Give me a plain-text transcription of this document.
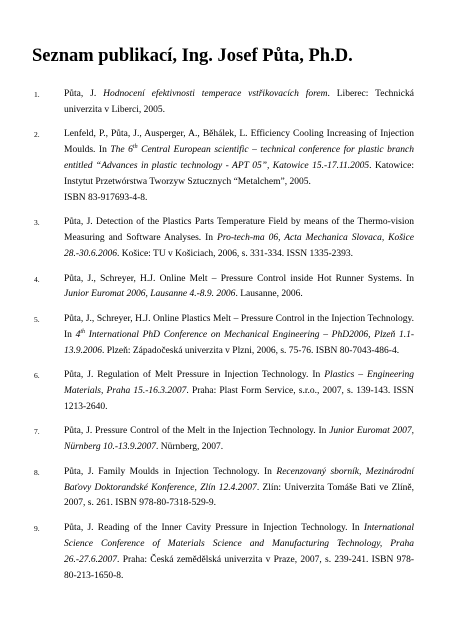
Seznam publikací, Ing. Josef Půta, Ph.D.
1.	Půta, J. Hodnocení efektivnosti temperace vstřikovacích forem. Liberec: Technická univerzita v Liberci, 2005.
2.	Lenfeld, P., Půta, J., Ausperger, A., Běhálek, L. Efficiency Cooling Increasing of Injection Moulds. In The 6th Central European scientific – technical conference for plastic branch entitled “Advances in plastic technology - APT 05”, Katowice 15.-17.11.2005. Katowice: Instytut Przetwórstwa Tworzyw Sztucznych “Metalchem”, 2005.
ISBN 83-917693-4-8.
3.	Půta, J. Detection of the Plastics Parts Temperature Field by means of the Thermo-vision Measuring and Software Analyses. In Pro-tech-ma 06, Acta Mechanica Slovaca, Košice 28.-30.6.2006. Košice: TU v Košiciach, 2006, s. 331-334. ISSN 1335-2393.
4.	Půta, J., Schreyer, H.J. Online Melt – Pressure Control inside Hot Runner Systems. In Junior Euromat 2006, Lausanne 4.-8.9. 2006. Lausanne, 2006.
5.	Půta, J., Schreyer, H.J. Online Plastics Melt – Pressure Control in the Injection Technology. In 4th International PhD Conference on Mechanical Engineering – PhD2006, Plzeň 1.1-13.9.2006. Plzeň: Západočeská univerzita v Plzni, 2006, s. 75-76. ISBN 80-7043-486-4.
6.	Půta, J. Regulation of Melt Pressure in Injection Technology. In Plastics – Engineering Materials, Praha 15.-16.3.2007. Praha: Plast Form Service, s.r.o., 2007, s. 139-143. ISSN 1213-2640.
7.	Půta, J. Pressure Control of the Melt in the Injection Technology. In Junior Euromat 2007, Nürnberg 10.-13.9.2007. Nürnberg, 2007.
8.	Půta, J. Family Moulds in Injection Technology. In Recenzovaný sborník, Mezinárodní Baťovy Doktorandské Konference, Zlín 12.4.2007. Zlín: Univerzita Tomáše Bati ve Zlíně, 2007, s. 261. ISBN 978-80-7318-529-9.
9.	Půta, J. Reading of the Inner Cavity Pressure in Injection Technology. In International Science Conference of Materials Science and Manufacturing Technology, Praha 26.-27.6.2007. Praha: Česká zemědělská univerzita v Praze, 2007, s. 239-241. ISBN 978-80-213-1650-8.
